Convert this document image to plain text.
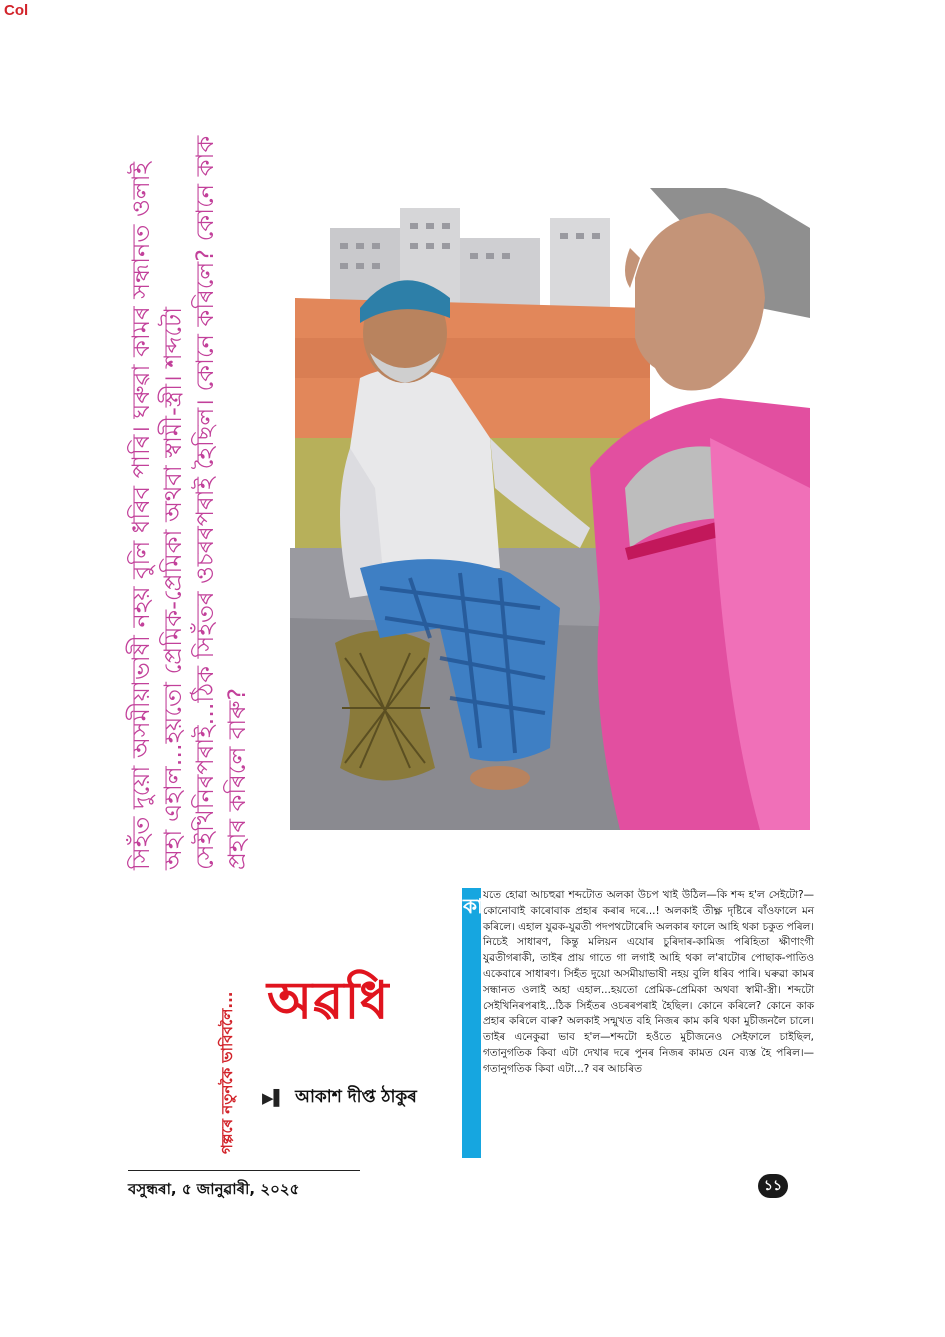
Col
সিহঁত দুয়ো অসমীয়াভাষী নহয় বুলি ধৰিব পাৰি। ঘৰুৱা কামৰ সন্ধানত ওলাই অহা এহাল...হয়তো প্ৰেমিক-প্ৰেমিকা অথবা স্বামী-স্ত্ৰী। শব্দটো সেইখিনিৰপৰাই...ঠিক সিহঁতৰ ওচৰৰপৰাই হৈছিল। কোনে কৰিলে? কোনে কাক প্ৰহাৰ কৰিলে বাৰু?
কা যতে হোৱা আচহুৱা শব্দটোত অলকা উচপ খাই উঠিল—কি শব্দ হ'ল সেইটো?—কোনোবাই কাৰোবাক প্ৰহাৰ কৰাৰ দৰে...! অলকাই তীক্ষ্ণ দৃষ্টিৰে বাঁওফালে মন কৰিলে। এহাল যুৱক-যুৱতী পদপথটোৰেদি অলকাৰ ফালে আহি থকা চকুত পৰিল। নিচেই সাধাৰণ, কিন্তু মলিয়ন এযোৰ চুৰিদাৰ-কামিজ পৰিহিতা ক্ষীণাংগী যুৱতীগৰাকী, তাইৰ প্ৰায় গাতে গা লগাই আহি থকা ল'ৰাটোৰ পোছাক-পাতিও একেবাৰে সাধাৰণ। সিহঁত দুয়ো অসমীয়াভাষী নহয় বুলি ধৰিব পাৰি। ঘৰুৱা কামৰ সন্ধানত ওলাই অহা এহাল...হয়তো প্ৰেমিক-প্ৰেমিকা অথবা স্বামী-স্ত্ৰী। শব্দটো সেইখিনিৰপৰাই...ঠিক সিহঁতৰ ওচৰৰপৰাই হৈছিল। কোনে কৰিলে? কোনে কাক প্ৰহাৰ কৰিলে বাৰু? অলকাই সন্মুখত বহি নিজৰ কাম কৰি থকা মুচীজনলৈ চালে। তাইৰ এনেকুৱা ভাব হ'ল—শব্দটো হওঁতে মুচীজনেও সেইফালে চাইছিল, গতানুগতিক কিবা এটা দেখাৰ দৰে পুনৰ নিজৰ কামত যেন ব্যস্ত হৈ পৰিল।— গতানুগতিক কিবা এটা...? বৰ আচৰিত
গল্পৰে নতুনকৈ ভাবিবলৈ... অৱধি
▶▌ আকাশ দীপ্ত ঠাকুৰ
বসুন্ধৰা, ৫ জানুৱাৰী, ২০২৫	১১
